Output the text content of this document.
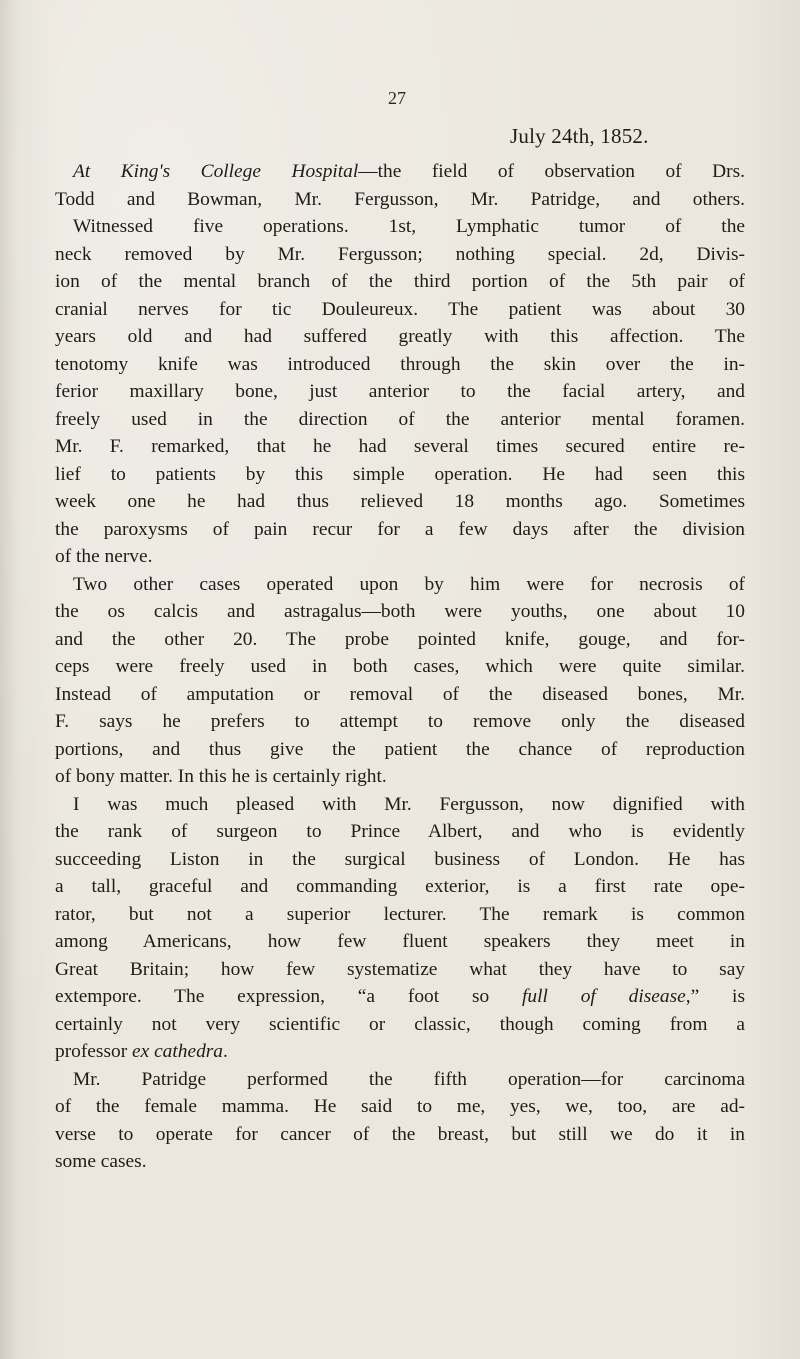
27
July 24th, 1852.
At King's College Hospital—the field of observation of Drs.
Todd and Bowman, Mr. Fergusson, Mr. Patridge, and others.
Witnessed five operations. 1st, Lymphatic tumor of the
neck removed by Mr. Fergusson; nothing special. 2d, Divis-
ion of the mental branch of the third portion of the 5th pair of
cranial nerves for tic Douleureux. The patient was about 30
years old and had suffered greatly with this affection. The
tenotomy knife was introduced through the skin over the in-
ferior maxillary bone, just anterior to the facial artery, and
freely used in the direction of the anterior mental foramen.
Mr. F. remarked, that he had several times secured entire re-
lief to patients by this simple operation. He had seen this
week one he had thus relieved 18 months ago. Sometimes
the paroxysms of pain recur for a few days after the division
of the nerve.
Two other cases operated upon by him were for necrosis of
the os calcis and astragalus—both were youths, one about 10
and the other 20. The probe pointed knife, gouge, and for-
ceps were freely used in both cases, which were quite similar.
Instead of amputation or removal of the diseased bones, Mr.
F. says he prefers to attempt to remove only the diseased
portions, and thus give the patient the chance of reproduction
of bony matter. In this he is certainly right.
I was much pleased with Mr. Fergusson, now dignified with
the rank of surgeon to Prince Albert, and who is evidently
succeeding Liston in the surgical business of London. He has
a tall, graceful and commanding exterior, is a first rate ope-
rator, but not a superior lecturer. The remark is common
among Americans, how few fluent speakers they meet in
Great Britain; how few systematize what they have to say
extempore. The expression, “a foot so full of disease,” is
certainly not very scientific or classic, though coming from a
professor ex cathedra.
Mr. Patridge performed the fifth operation—for carcinoma
of the female mamma. He said to me, yes, we, too, are ad-
verse to operate for cancer of the breast, but still we do it in
some cases.
